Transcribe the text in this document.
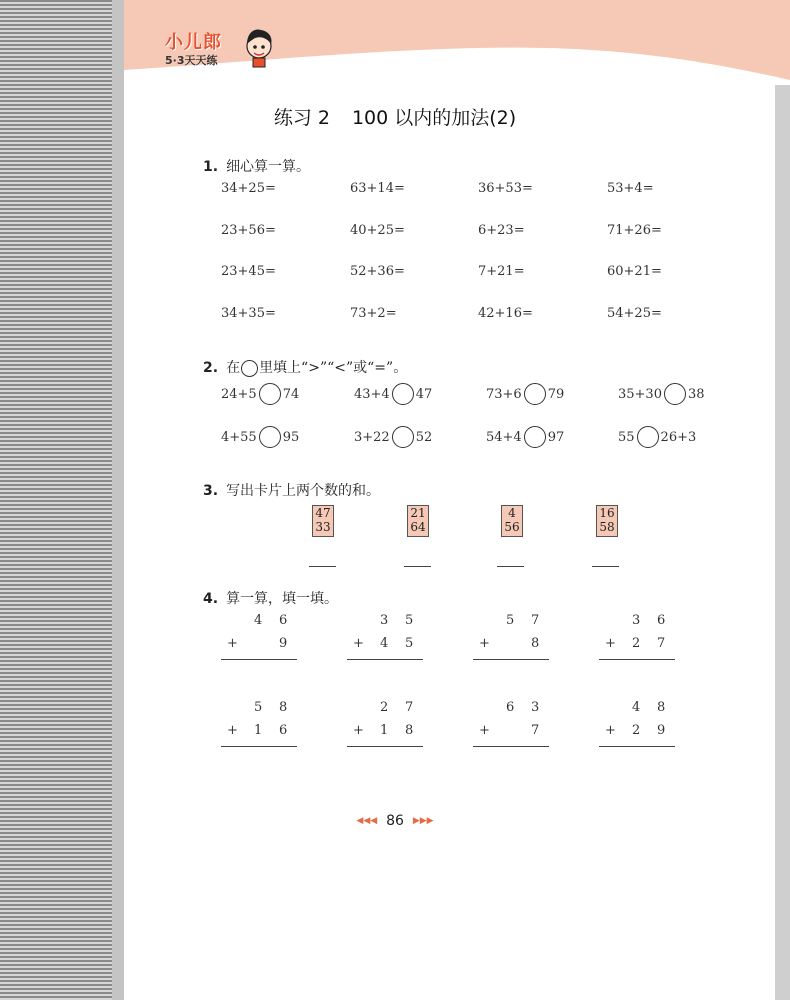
小儿郎
5·3天天练
练习 2 100 以内的加法(2)
1. 细心算一算。
34+25=	63+14=	36+53=	53+4=
23+56=	40+25=	6+23=	71+26=
23+45=	52+36=	7+21=	60+21=
34+35=	73+2=	42+16=	54+25=
2. 在 里填上“>”“<”或“=”。
24+5 74	43+4 47	73+6 79	35+30 38
4+55 95	3+22 52	54+4 97	55 26+3
3. 写出卡片上两个数的和。
47
33
21
64
4
56
16
58
4. 算一算，填一填。
4 6
+	9
3 5
+ 4 5
5 7
+	8
3 6
+ 2 7
5 8
+ 1 6
2 7
+ 1 8
6 3
+	7
4 8
+ 2 9
◀◀◀ 86 ▶▶▶
